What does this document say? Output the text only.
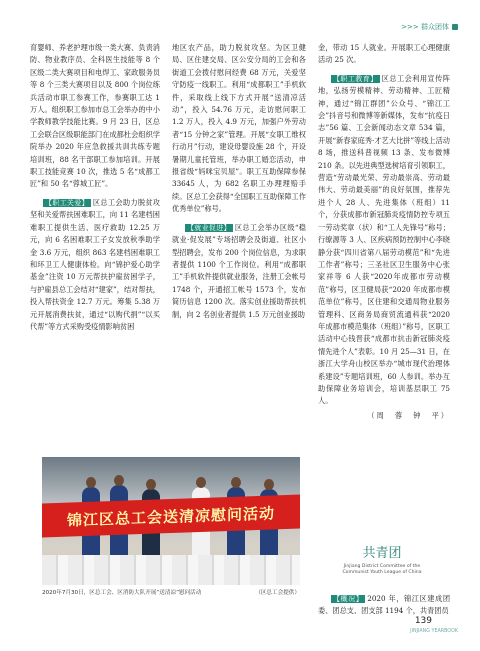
>>> 群众团体

育婴师、养老护理市级一类大赛、负责消防、物业教序员、全科医生技能等 8 个区级二类大赛项目和电焊工、家政服务员等 8 个三类大赛项目以及 800 个岗位练兵活动市职工参赛工作，参赛职工达 1 万人。组织职工参加市总工会举办的中小学教师教学技能比赛。9 月 23 日，区总工会联合区级职能部门在成都杜会组织学院举办 2020 年应急救援共训共练专题培训班，88 名干部职工参加培训。开展职工技能竞赛 10 次，推选 5 名“成都工匠”和 50 名“蓉城工匠”。

【职工关爱】 区总工会助力脱贫攻坚和关爱帮扶困难职工，向 11 名建档困难职工提供生活、医疗救助 12.25 万元，向 6 名困难职工子女发放秋季助学金 3.6 万元，组织 863 名建档困难职工和环卫工人健康体检。向“锦护爱心助学基金”注资 10 万元帮扶护雇贫困学子，与护雇县总工会结对“建家”，结对帮扶，投入帮扶资金 12.7 万元。筹集 5.38 万元开展消费扶贫，通过“以购代捐”“以买代帮”等方式采购受疫情影响贫困

地区农产品，助力脱贫攻坚。为区卫健局、区住建交局、区公安分局的工会和各街道工会拨付慰问经费 68 万元，关爱坚守防疫一线职工。利用“成都职工”手机软件，采取线上线下方式开展“送清凉活动”，投入 54.76 万元，走访慰问职工 1.2 万人，投入 4.9 万元，加强户外劳动者“15 分钟之家”管理。开展“女职工维权行动月”行动，建设母婴设施 28 个，开设暑期儿童托管班，举办职工婚恋活动，申报省级“妈咪宝贝屋”。职工互助保障参保 33645 人，为 682 名职工办理理赔手续。区总工会获得“全国职工互助保障工作优秀单位”称号。

【就业促进】 区总工会举办区级“稳就业·促发展”专场招聘会及街道、社区小型招聘会，发布 200 个岗位信息，为求职者提供 1100 个工作岗位。利用“成都职工”手机软件提供就业服务，注册工会帐号 1748 个，开通招工帐号 1573 个，发布简历信息 1200 次。落实创业援助帮扶机制，向 2 名创业者提供 1.5 万元创业援助

金，带动 15 人就业。开展职工心理健康活动 25 次。

【职工教育】 区总工会利用宣传阵地，弘扬劳模精神、劳动精神、工匠精神，通过“锦江群团”公众号、“锦江工会”抖音号和微博等新媒体，发布“抗疫日志”56 篇、工会新闻动态文章 534 篇，开展“新春家庭秀·才艺大比拼”等线上活动 8 场，推送科普视频 13 条、发布微博 210 条。以先进典型选树培育引领职工，营造“劳动最光荣、劳动最崇高、劳动最伟大、劳动最美丽”的良好氛围，推荐先进个人 28 人、先进集体（班组）11 个，分获成都市新冠肺炎疫情防控专项五一劳动奖章（状）和“工人先锋号”称号；行缭源等 3 人、区疾病预防控制中心李晓静分获“四川省第八届劳动模范”和“先进工作者”称号；三圣社区卫生服务中心张家祥等 6 人获“2020年成都市劳动模范”称号，区卫健局获“2020 年成都市模范单位”称号，区住建和交通局物业服务管理科、区商务局商贸流通科获“2020 年成都市模范集体（班组）”称号，区职工活动中心钱晋获“成都市抗击新冠肺炎疫情先进个人”表彰。10 月 25—31 日，在浙江大学舟山校区举办“城市现代治理体系建设”专题培训班，60 人参训。举办互助保障业务培训会，培训基层职工 75 人。

（周　蓉　钟　平）
锦江区总工会送清凉慰问活动
2020年7月30日，区总工会、区消防大队开展“送清凉”慰问活动	（区总工会提供）
共青团
Jinjiang District Committee of the Communist Youth League of China

【概况】 2020 年，锦江区建成团委、团总支、团支部 1194 个，共青团员

139
JINJIANG YEARBOOK
